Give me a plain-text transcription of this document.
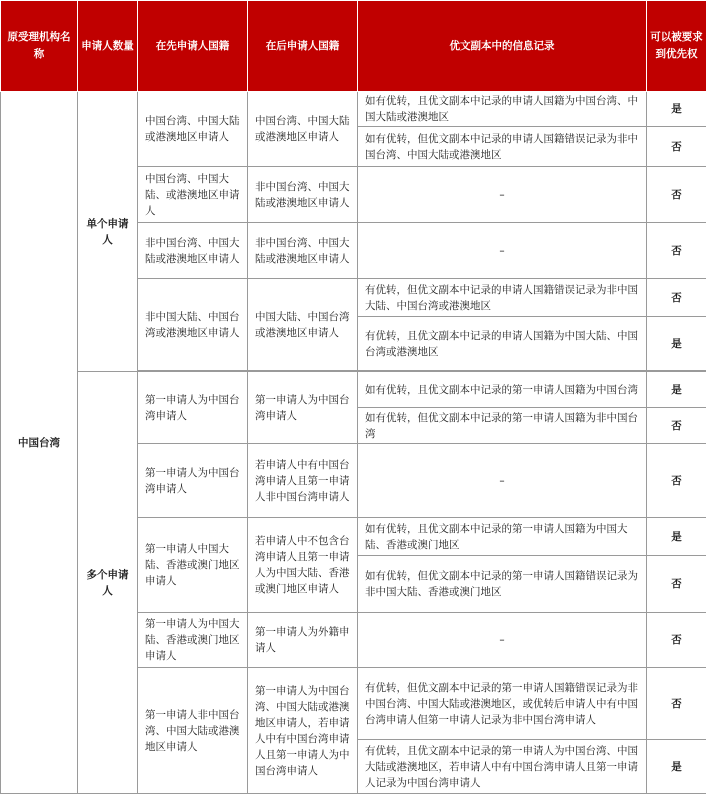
原受理机构名称	申请人数量	在先申请人国籍	在后申请人国籍	优文副本中的信息记录	可以被要求到优先权
中国台湾	单个申请人	中国台湾、中国大陆或港澳地区申请人	中国台湾、中国大陆或港澳地区申请人	如有优转，且优文副本中记录的申请人国籍为中国台湾、中国大陆或港澳地区	是
				如有优转，但优文副本中记录的申请人国籍错误记录为非中国台湾、中国大陆或港澳地区	否
		中国台湾、中国大陆、或港澳地区申请人	非中国台湾、中国大陆或港澳地区申请人	–	否
		非中国台湾、中国大陆或港澳地区申请人	非中国台湾、中国大陆或港澳地区申请人	–	否
		非中国大陆、中国台湾或港澳地区申请人	中国大陆、中国台湾或港澳地区申请人	有优转，但优文副本中记录的申请人国籍错误记录为非中国大陆、中国台湾或港澳地区	否
				有优转，且优文副本中记录的申请人国籍为中国大陆、中国台湾或港澳地区	是

	多个申请人	第一申请人为中国台湾申请人	第一申请人为中国台湾申请人	如有优转，且优文副本中记录的第一申请人国籍为中国台湾	是
				如有优转，但优文副本中记录的第一申请人国籍为非中国台湾	否
		第一申请人为中国台湾申请人	若申请人中有中国台湾申请人且第一申请人非中国台湾申请人	–	否
		第一申请人中国大陆、香港或澳门地区申请人	若申请人中不包含台湾申请人且第一申请人为中国大陆、香港或澳门地区申请人	如有优转，且优文副本中记录的第一申请人国籍为中国大陆、香港或澳门地区	是
				如有优转，但优文副本中记录的第一申请人国籍错误记录为非中国大陆、香港或澳门地区	否
		第一申请人为中国大陆、香港或澳门地区申请人	第一申请人为外籍申请人	–	否
		第一申请人非中国台湾、中国大陆或港澳地区申请人	第一申请人为中国台湾、中国大陆或港澳地区申请人，若申请人中有中国台湾申请人且第一申请人为中国台湾申请人	有优转，但优文副本中记录的第一申请人国籍错误记录为非中国台湾、中国大陆或港澳地区，或优转后申请人中有中国台湾申请人但第一申请人记录为非中国台湾申请人	否
				有优转，且优文副本中记录的第一申请人为中国台湾、中国大陆或港澳地区，若申请人中有中国台湾申请人且第一申请人记录为中国台湾申请人	是
